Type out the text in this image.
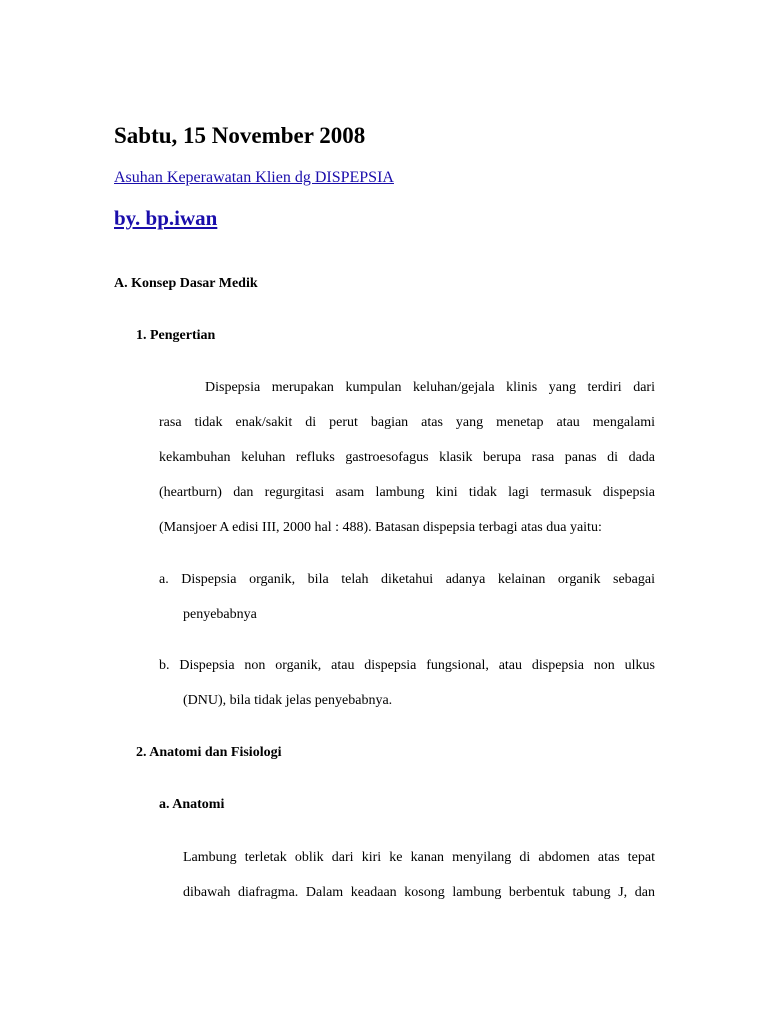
Sabtu, 15 November 2008
Asuhan Keperawatan Klien dg DISPEPSIA
by. bp.iwan
A. Konsep Dasar Medik
1. Pengertian
Dispepsia merupakan kumpulan keluhan/gejala klinis yang terdiri dari
rasa tidak enak/sakit di perut bagian atas yang menetap atau mengalami
kekambuhan keluhan refluks gastroesofagus klasik berupa rasa panas di dada
(heartburn) dan regurgitasi asam lambung kini tidak lagi termasuk dispepsia
(Mansjoer A edisi III, 2000 hal : 488). Batasan dispepsia terbagi atas dua yaitu:
a. Dispepsia organik, bila telah diketahui adanya kelainan organik sebagai
penyebabnya
b. Dispepsia non organik, atau dispepsia fungsional, atau dispepsia non ulkus
(DNU), bila tidak jelas penyebabnya.
2. Anatomi dan Fisiologi
a. Anatomi
Lambung terletak oblik dari kiri ke kanan menyilang di abdomen atas tepat
dibawah diafragma. Dalam keadaan kosong lambung berbentuk tabung J, dan
